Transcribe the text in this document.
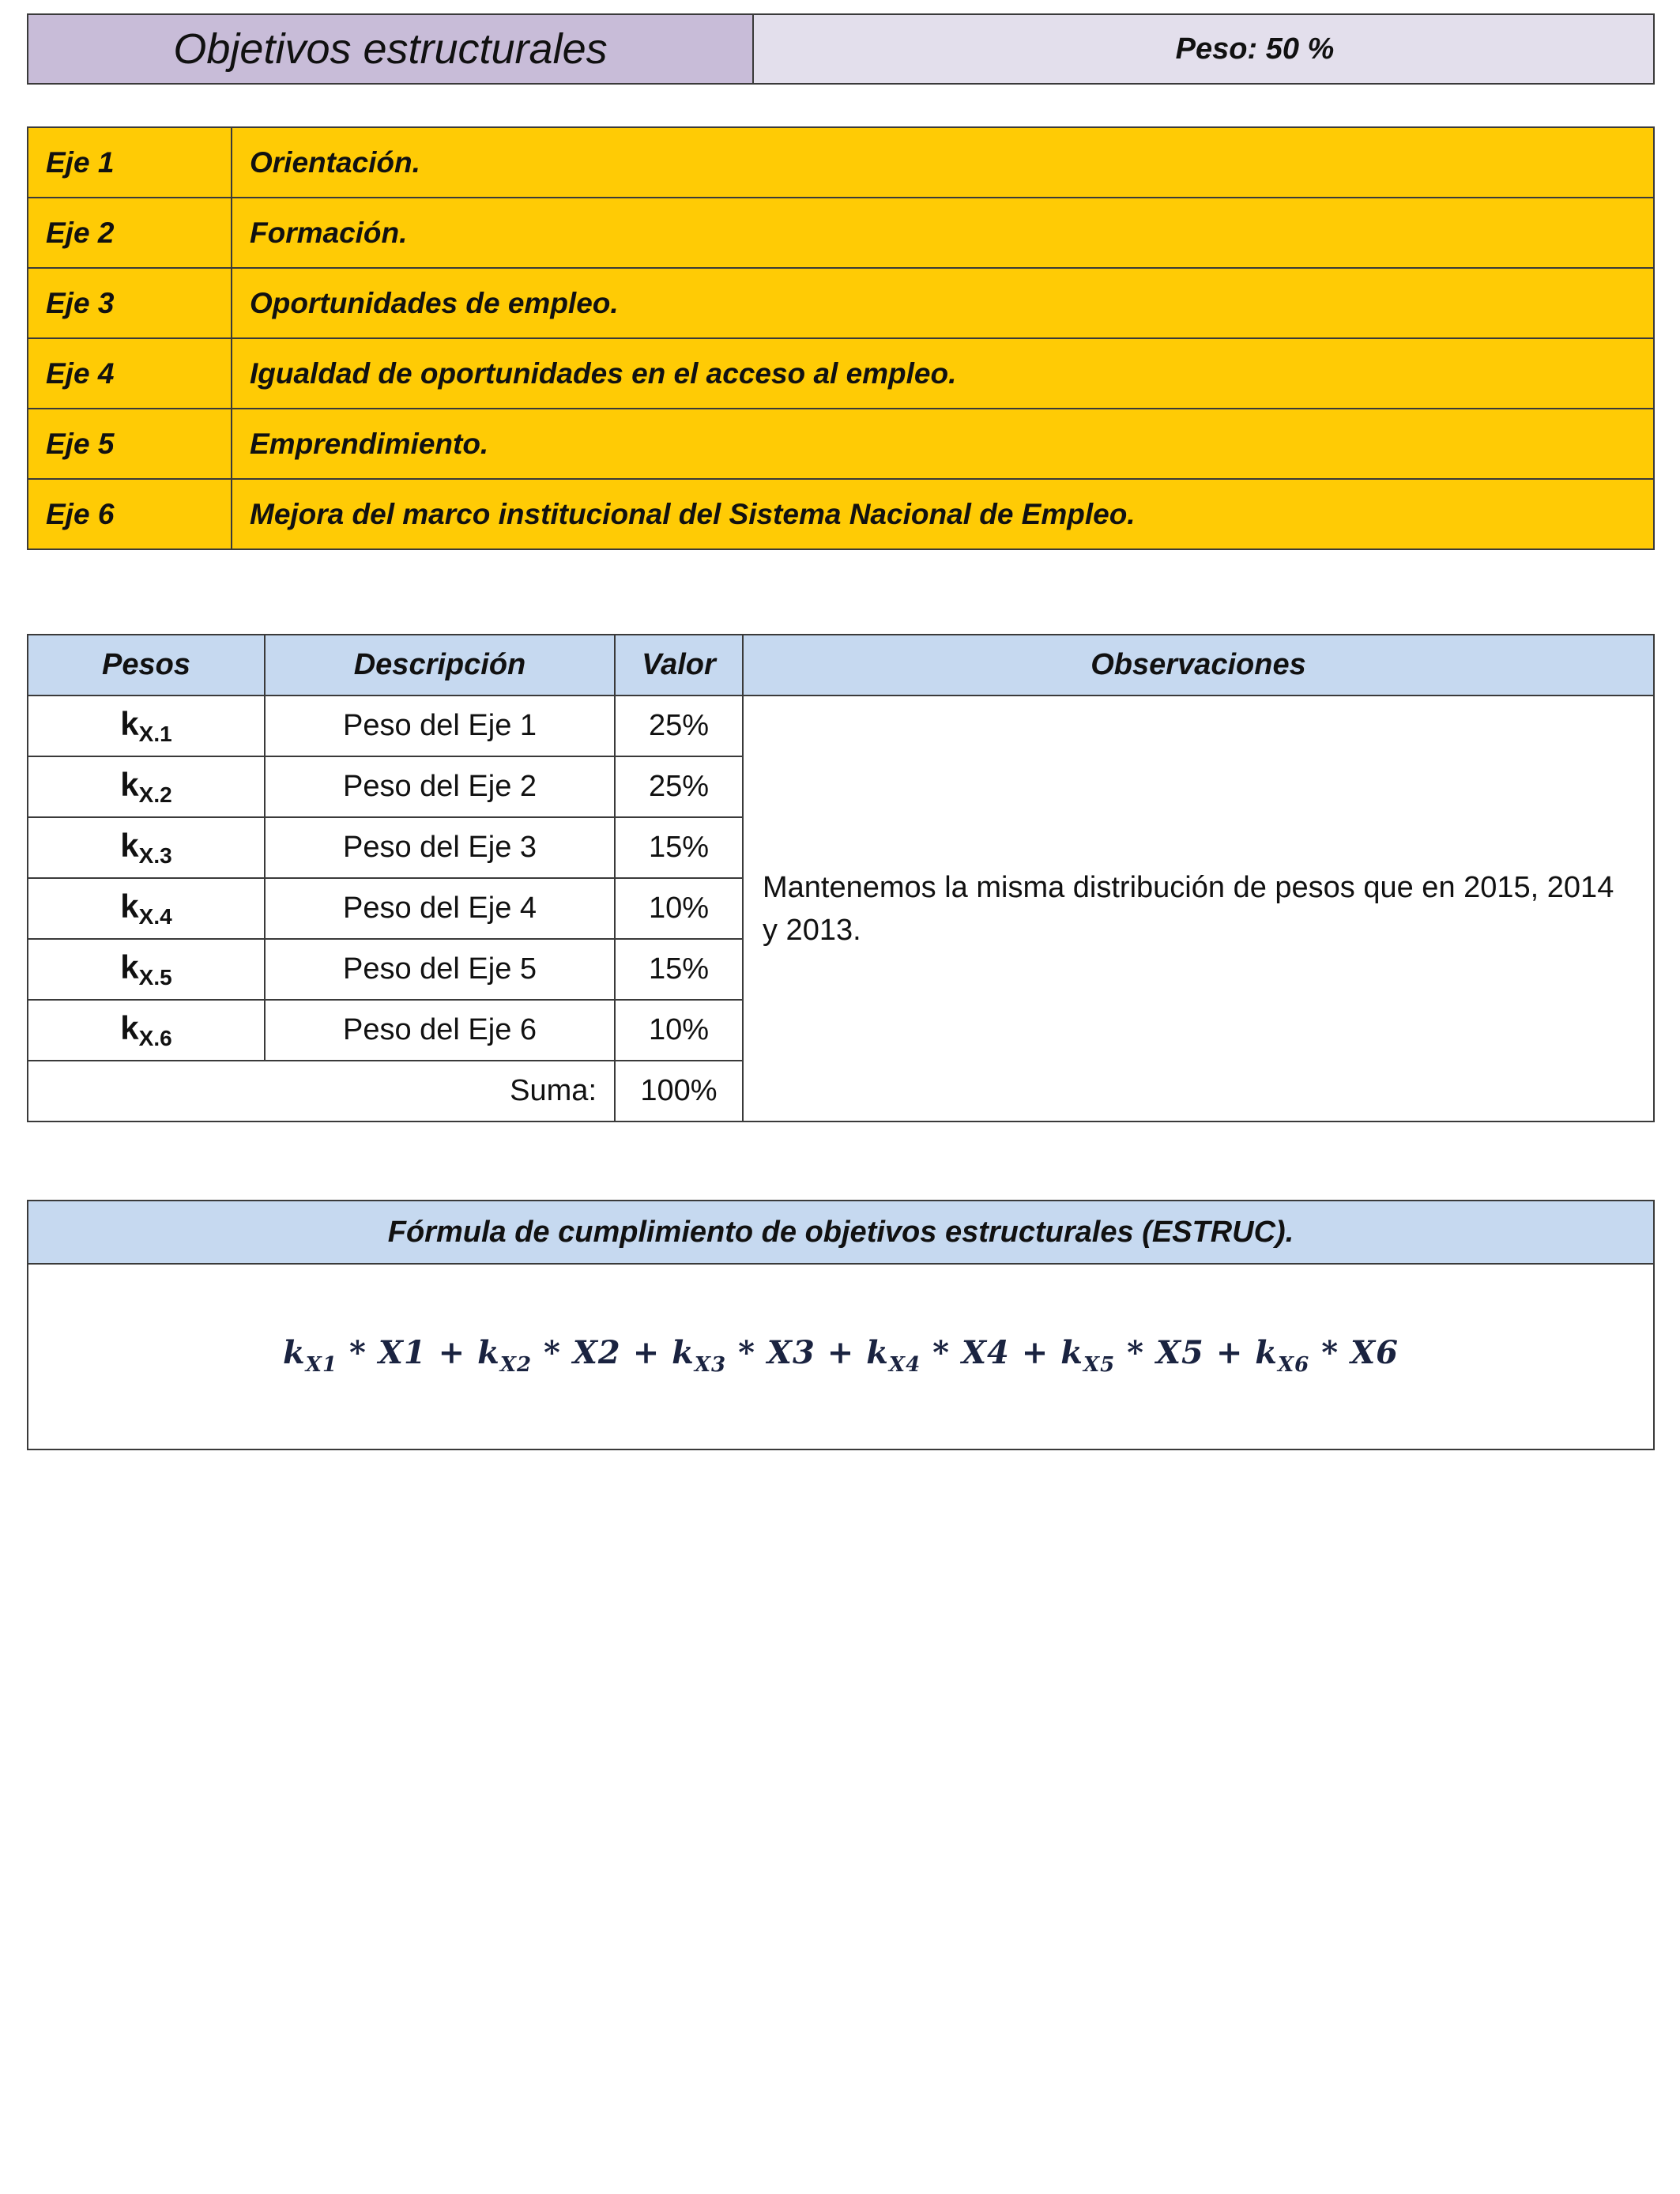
Objetivos estructurales	Peso: 50 %
Eje 1	Orientación.
Eje 2	Formación.
Eje 3	Oportunidades de empleo.
Eje 4	Igualdad de oportunidades en el acceso al empleo.
Eje 5	Emprendimiento.
Eje 6	Mejora del marco institucional del Sistema Nacional de Empleo.
Pesos	Descripción	Valor	Observaciones
$k_{X.1}$	Peso del Eje 1	25%	Mantenemos la misma distribución de pesos que en 2015, 2014 y 2013.
$k_{X.2}$	Peso del Eje 2	25%	
$k_{X.3}$	Peso del Eje 3	15%	
$k_{X.4}$	Peso del Eje 4	10%	
$k_{X.5}$	Peso del Eje 5	15%	
$k_{X.6}$	Peso del Eje 6	10%	
Suma:		100%	
Fórmula de cumplimiento de objetivos estructurales (ESTRUC).
$k_{X1} * X1 + k_{X2} * X2 + k_{X3} * X3 + k_{X4} * X4 + k_{X5} * X5 + k_{X6} * X6$
